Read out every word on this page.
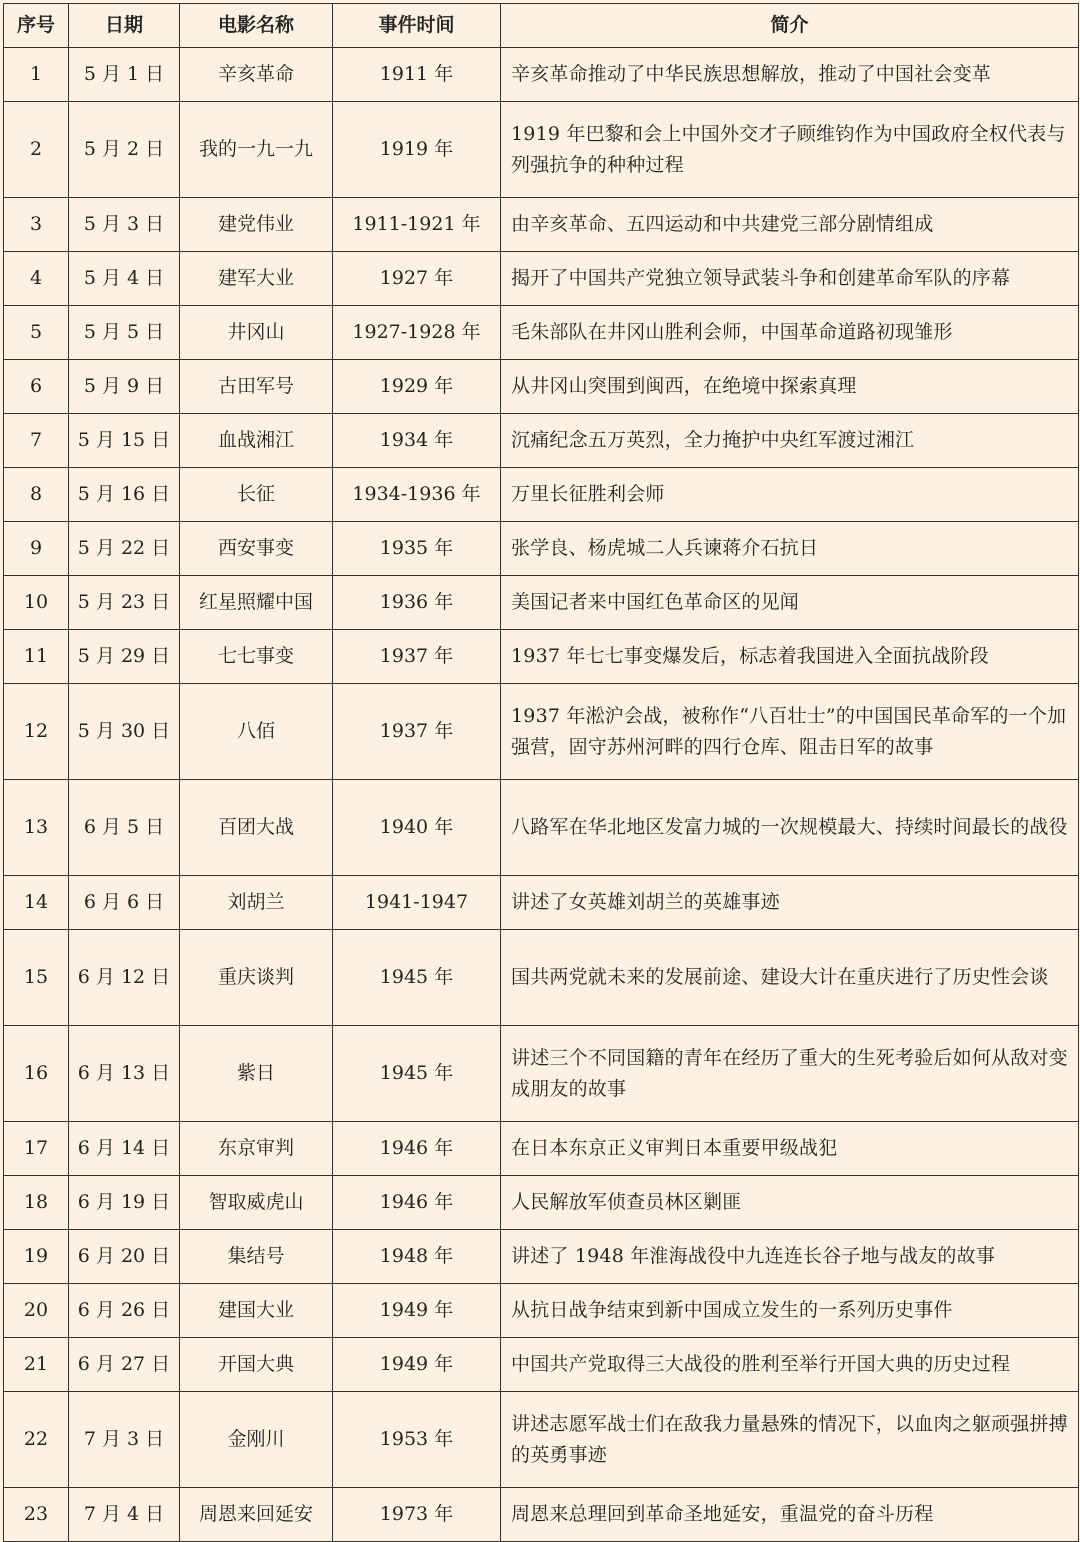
序号	日期	电影名称	事件时间	简介
1	5 月 1 日	辛亥革命	1911 年	辛亥革命推动了中华民族思想解放，推动了中国社会变革
2	5 月 2 日	我的一九一九	1919 年	1919 年巴黎和会上中国外交才子顾维钧作为中国政府全权代表与列强抗争的种种过程
3	5 月 3 日	建党伟业	1911-1921 年	由辛亥革命、五四运动和中共建党三部分剧情组成
4	5 月 4 日	建军大业	1927 年	揭开了中国共产党独立领导武装斗争和创建革命军队的序幕
5	5 月 5 日	井冈山	1927-1928 年	毛朱部队在井冈山胜利会师，中国革命道路初现雏形
6	5 月 9 日	古田军号	1929 年	从井冈山突围到闽西，在绝境中探索真理
7	5 月 15 日	血战湘江	1934 年	沉痛纪念五万英烈，全力掩护中央红军渡过湘江
8	5 月 16 日	长征	1934-1936 年	万里长征胜利会师
9	5 月 22 日	西安事变	1935 年	张学良、杨虎城二人兵谏蒋介石抗日
10	5 月 23 日	红星照耀中国	1936 年	美国记者来中国红色革命区的见闻
11	5 月 29 日	七七事变	1937 年	1937 年七七事变爆发后，标志着我国进入全面抗战阶段
12	5 月 30 日	八佰	1937 年	1937 年淞沪会战，被称作“八百壮士”的中国国民革命军的一个加强营，固守苏州河畔的四行仓库、阻击日军的故事
13	6 月 5 日	百团大战	1940 年	八路军在华北地区发富力城的一次规模最大、持续时间最长的战役
14	6 月 6 日	刘胡兰	1941-1947	讲述了女英雄刘胡兰的英雄事迹
15	6 月 12 日	重庆谈判	1945 年	国共两党就未来的发展前途、建设大计在重庆进行了历史性会谈
16	6 月 13 日	紫日	1945 年	讲述三个不同国籍的青年在经历了重大的生死考验后如何从敌对变成朋友的故事
17	6 月 14 日	东京审判	1946 年	在日本东京正义审判日本重要甲级战犯
18	6 月 19 日	智取威虎山	1946 年	人民解放军侦查员林区剿匪
19	6 月 20 日	集结号	1948 年	讲述了 1948 年淮海战役中九连连长谷子地与战友的故事
20	6 月 26 日	建国大业	1949 年	从抗日战争结束到新中国成立发生的一系列历史事件
21	6 月 27 日	开国大典	1949 年	中国共产党取得三大战役的胜利至举行开国大典的历史过程
22	7 月 3 日	金刚川	1953 年	讲述志愿军战士们在敌我力量悬殊的情况下，以血肉之躯顽强拼搏的英勇事迹
23	7 月 4 日	周恩来回延安	1973 年	周恩来总理回到革命圣地延安，重温党的奋斗历程
